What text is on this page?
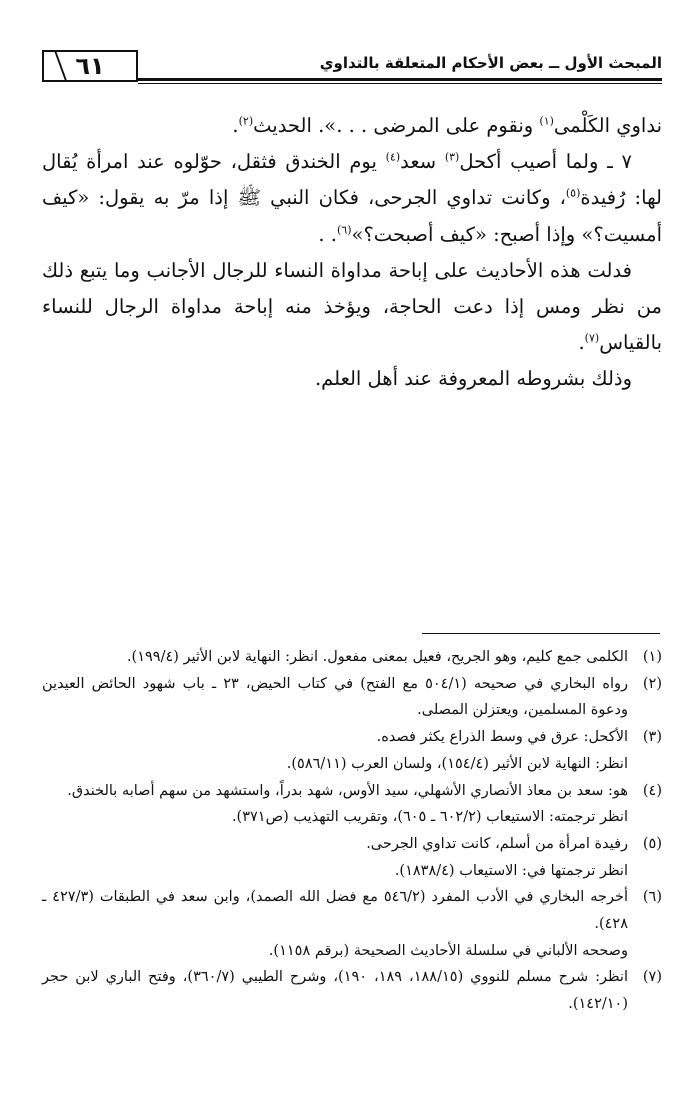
٦١	المبحث الأول ــ بعض الأحكام المتعلقة بالتداوي

نداوي الكَلْمى$^{(١)}$ ونقوم على المرضى . . .». الحديث$^{(٢)}$.

٧ ـ ولما أصيب أكحل$^{(٣)}$ سعد$^{(٤)}$ يوم الخندق فثقل، حوّلوه عند امرأة يُقال لها: رُفيدة$^{(٥)}$، وكانت تداوي الجرحى، فكان النبي ﷺ إذا مرّ به يقول: «كيف أمسيت؟» وإذا أصبح: «كيف أصبحت؟»$^{(٦)}$. .

فدلت هذه الأحاديث على إباحة مداواة النساء للرجال الأجانب وما يتبع ذلك من نظر ومس إذا دعت الحاجة، ويؤخذ منه إباحة مداواة الرجال للنساء بالقياس$^{(٧)}$.

وذلك بشروطه المعروفة عند أهل العلم.

(١)
الكلمى جمع كليم، وهو الجريح، فعيل بمعنى مفعول. انظر: النهاية لابن الأثير (١٩٩/٤).
(٢)
رواه البخاري في صحيحه (٥٠٤/١ مع الفتح) في كتاب الحيض، ٢٣ ـ باب شهود الحائض العيدين ودعوة المسلمين، ويعتزلن المصلى.
(٣)
الأكحل: عرق في وسط الذراع يكثر فصده.
انظر: النهاية لابن الأثير (١٥٤/٤)، ولسان العرب (٥٨٦/١١).
(٤)
هو: سعد بن معاذ الأنصاري الأشهلي، سيد الأوس، شهد بدراً، واستشهد من سهم أصابه بالخندق.
انظر ترجمته: الاستيعاب (٦٠٢/٢ ـ ٦٠٥)، وتقريب التهذيب (ص٣٧١).
(٥)
رفيدة امرأة من أسلم، كانت تداوي الجرحى.
انظر ترجمتها في: الاستيعاب (١٨٣٨/٤).
(٦)
أخرجه البخاري في الأدب المفرد (٥٤٦/٢ مع فضل الله الصمد)، وابن سعد في الطبقات (٤٢٧/٣ ـ ٤٢٨).
وصححه الألباني في سلسلة الأحاديث الصحيحة (برقم ١١٥٨).
(٧)
انظر: شرح مسلم للنووي (١٨٨/١٥، ١٨٩، ١٩٠)، وشرح الطيبي (٣٦٠/٧)، وفتح الباري لابن حجر (١٤٢/١٠).
